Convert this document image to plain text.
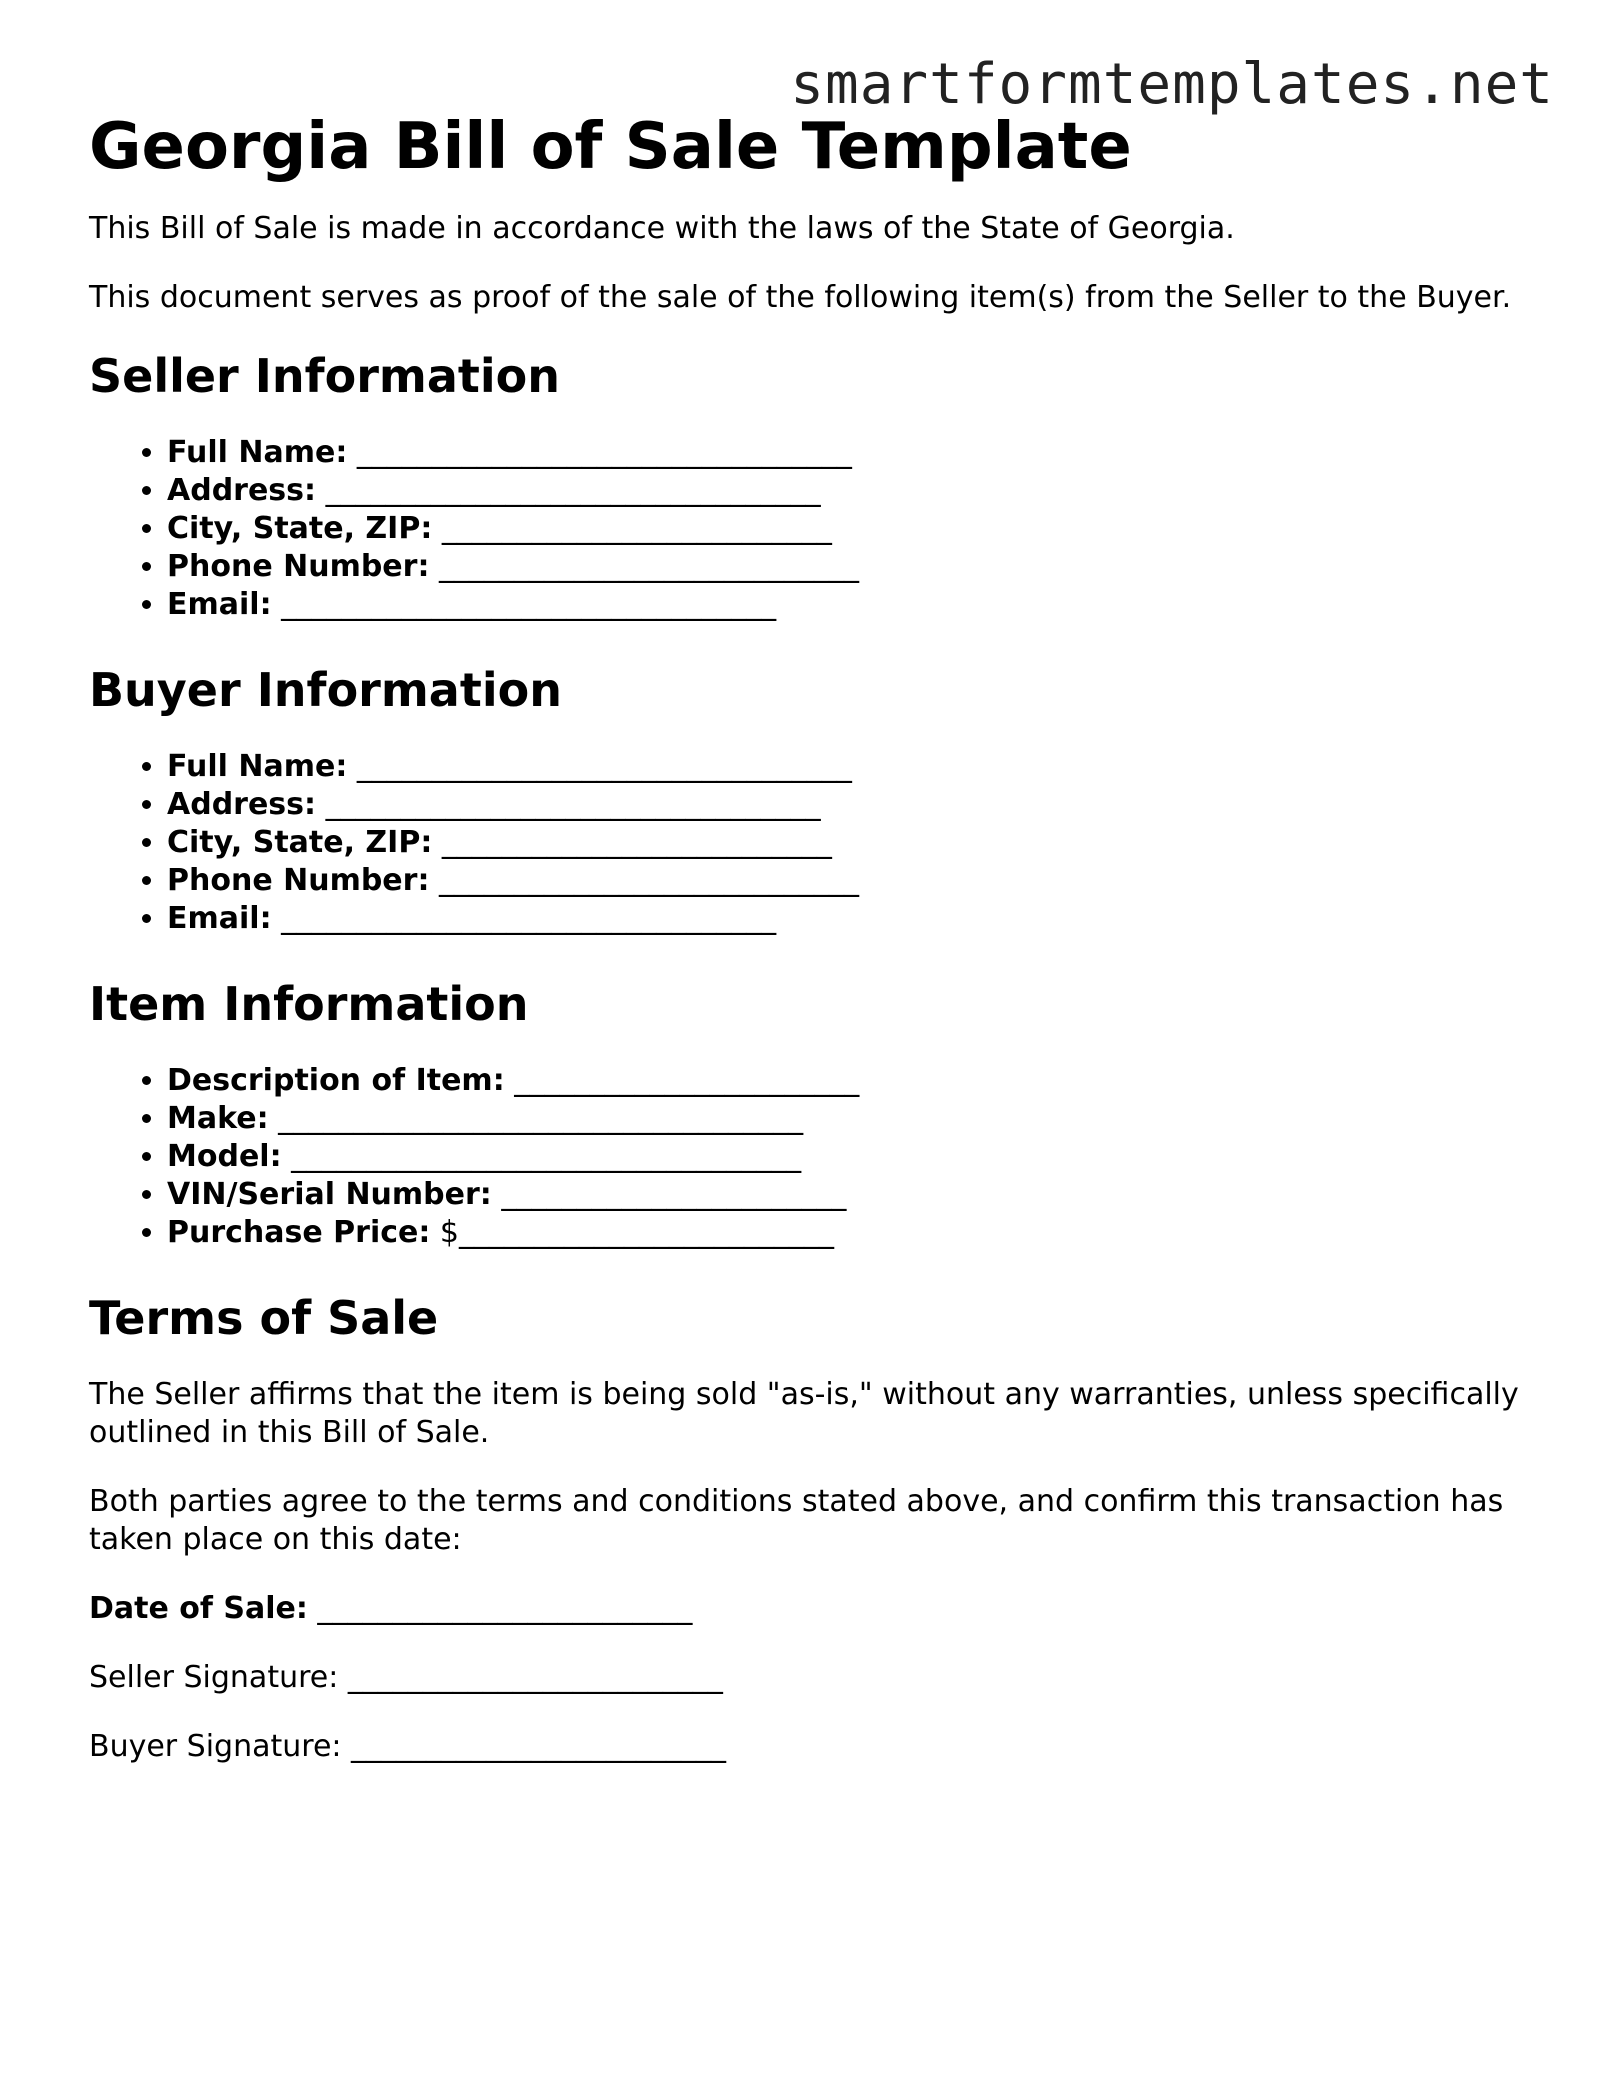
smartformtemplates.net
Georgia Bill of Sale Template

This Bill of Sale is made in accordance with the laws of the State of Georgia.

This document serves as proof of the sale of the following item(s) from the Seller to the Buyer.

Seller Information
• Full Name: _________________________________
• Address: _________________________________
• City, State, ZIP: __________________________
• Phone Number: ____________________________
• Email: _________________________________
Buyer Information
• Full Name: _________________________________
• Address: _________________________________
• City, State, ZIP: __________________________
• Phone Number: ____________________________
• Email: _________________________________
Item Information
• Description of Item: _______________________
• Make: ___________________________________
• Model: __________________________________
• VIN/Serial Number: _______________________
• Purchase Price: $_________________________
Terms of Sale

The Seller affirms that the item is being sold "as-is," without any warranties, unless specifically outlined in this Bill of Sale.

Both parties agree to the terms and conditions stated above, and confirm this transaction has taken place on this date:

Date of Sale: _________________________

Seller Signature: _________________________

Buyer Signature: _________________________
